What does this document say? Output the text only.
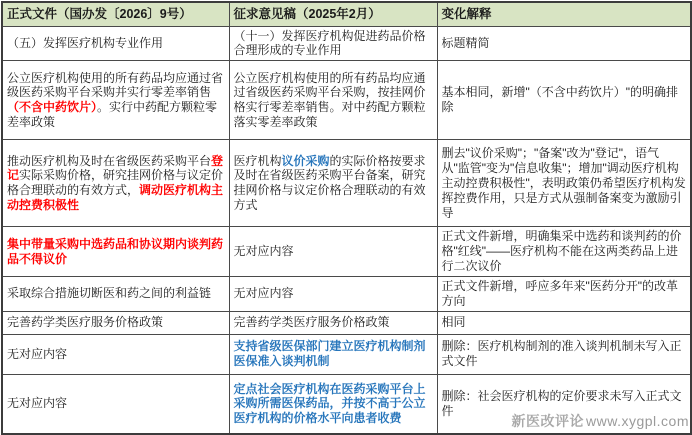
正式文件（国办发〔2026〕9号）	征求意见稿（2025年2月）	变化解释
（五）发挥医疗机构专业作用	（十一）发挥医疗机构促进药品价格合理形成的专业作用	标题精简
公立医疗机构使用的所有药品均应通过省级医药采购平台采购并实行零差率销售（不含中药饮片）。实行中药配方颗粒零差率政策	公立医疗机构使用的所有药品均应通过省级医药采购平台采购，按挂网价格实行零差率销售。对中药配方颗粒落实零差率政策	基本相同，新增"（不含中药饮片）"的明确排除
推动医疗机构及时在省级医药采购平台登记实际采购价格，研究挂网价格与议定价格合理联动的有效方式，调动医疗机构主动控费积极性	医疗机构议价采购的实际价格按要求及时在省级医药采购平台备案，研究挂网价格与议定价格合理联动的有效方式	删去"议价采购"；"备案"改为"登记"，语气从"监管"变为"信息收集"；增加"调动医疗机构主动控费积极性"，表明政策仍希望医疗机构发挥控费作用，只是方式从强制备案变为激励引导
集中带量采购中选药品和协议期内谈判药品不得议价	无对应内容	正式文件新增，明确集采中选药和谈判药的价格"红线"——医疗机构不能在这两类药品上进行二次议价
采取综合措施切断医和药之间的利益链	无对应内容	正式文件新增，呼应多年来"医药分开"的改革方向
完善药学类医疗服务价格政策	完善药学类医疗服务价格政策	相同
无对应内容	支持省级医保部门建立医疗机构制剂医保准入谈判机制	删除：医疗机构制剂的准入谈判机制未写入正式文件
无对应内容	定点社会医疗机构在医药采购平台上采购所需医保药品，并按不高于公立医疗机构的价格水平向患者收费	删除：社会医疗机构的定价要求未写入正式文件
新医改评论 www.xygpl.com
